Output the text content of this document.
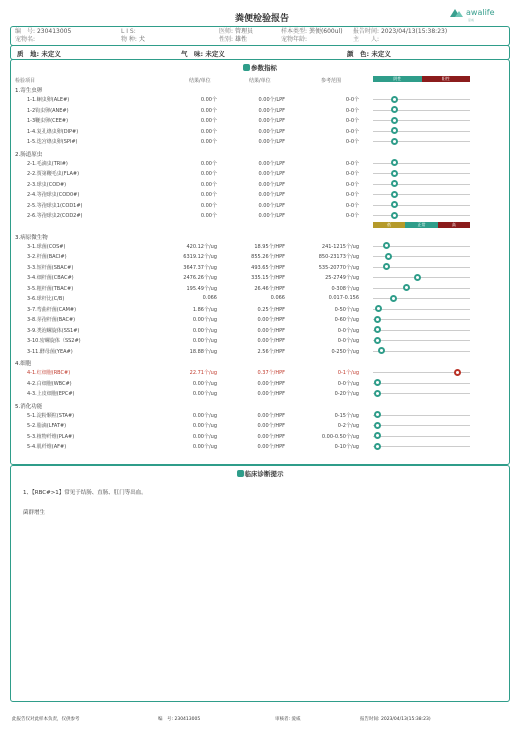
粪便检验报告
awalife
爱威
编　号: 230413005	L I S:	医师: 管理员	样本类型: 粪便(600ul) 报告时间: 2023/04/13(15:38:23)
宠物名:	物 种: 犬	性别: 雄性	宠物年龄:	主　　人:
质　地: 未定义	气　味: 未定义	颜　色: 未定义
参数指标
检验项目	结果/单位	结果/单位	参考范围	阴性	阳性
1.寄生虫卵
1-1.蛔虫卵(ALE#)	0.00个	0.00个/LPF	0-0个
1-2钩虫卵(ANE#)	0.00个	0.00个/LPF	0-0个
1-3鞭虫卵(CEE#)	0.00个	0.00个/LPF	0-0个
1-4.复孔绦虫卵(DIP#)	0.00个	0.00个/LPF	0-0个
1-5.迭宫绦虫卵(SPI#)	0.00个	0.00个/LPF	0-0个
2.肠道原虫
2-1.毛滴虫(TRI#)	0.00个	0.00个/LPF	0-0个
2-2.贾第鞭毛虫(FLA#)	0.00个	0.00个/LPF	0-0个
2-3.球虫(COD#)	0.00个	0.00个/LPF	0-0个
2-4.等孢球虫(COD0#)	0.00个	0.00个/LPF	0-0个
2-5.等孢球虫1(COD1#)	0.00个	0.00个/LPF	0-0个
2-6.等孢球虫2(COD2#)	0.00个	0.00个/LPF	0-0个
低	正常	高
3.病原微生物
3-1.球菌(COS#)	420.12个/ug	18.95个/HPF	241-1215个/ug
3-2.杆菌(BACI#)	6319.12个/ug	855.26个/HPF	850-23173个/ug
3-3.短杆菌(SBAC#)	3647.37个/ug	493.65个/HPF	535-20770个/ug
3-4.细杆菌(CBAC#)	2476.26个/ug	335.15个/HPF	25-2749个/ug
3-5.粗杆菌(TBAC#)	195.49个/ug	26.46个/HPF	0-308个/ug
3-6.球杆比(C/B)	0.066	0.066	0.017-0.156
3-7.弯曲杆菌(CAM#)	1.86个/ug	0.25个/HPF	0-50个/ug
3-8.芽孢杆菌(BAC#)	0.00个/ug	0.00个/HPF	0-60个/ug
3-9.类泡螺旋体(SS1#)	0.00个/ug	0.00个/HPF	0-0个/ug
3-10.密螺旋体（SS2#)	0.00个/ug	0.00个/HPF	0-0个/ug
3-11.酵母菌(YEA#)	18.88个/ug	2.56个/HPF	0-250个/ug
4.细胞
4-1.红细胞(RBC#)	22.71个/ug	0.37个/HPF	0-1个/ug
4-2.白细胞(WBC#)	0.00个/ug	0.00个/HPF	0-0个/ug
4-3.上皮细胞(EPC#)	0.00个/ug	0.00个/HPF	0-20个/ug
5.消化功能
5-1.淀粉颗粒(STA#)	0.00个/ug	0.00个/HPF	0-15个/ug
5-2.脂滴(LFAT#)	0.00个/ug	0.00个/HPF	0-2个/ug
5-3.植物纤维(PLA#)	0.00个/ug	0.00个/HPF	0.00-0.50个/ug
5-4.肌纤维(AF#)	0.00个/ug	0.00个/HPF	0-10个/ug
临床诊断提示
1、【RBC#>1】常见于结肠、直肠、肛门等出血。
菌群增生
此报告仅对此样本负责，仅供参考	编　号: 230413005	审核者: 爱威	报告时间: 2023/04/13(15:38:23)
